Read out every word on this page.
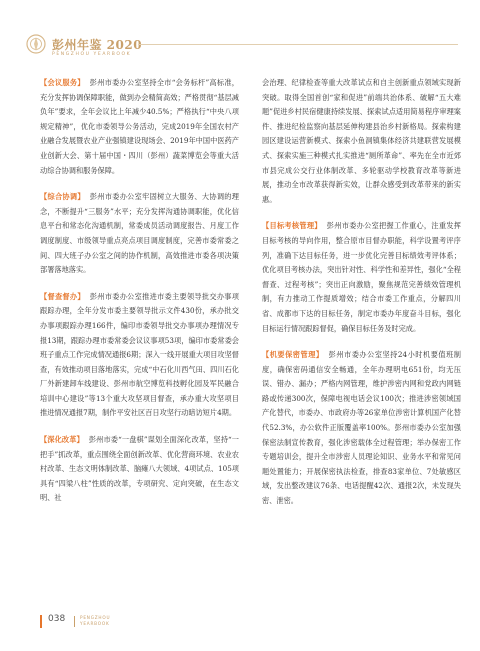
彭州年鉴 2020
PENGZHOU YEARBOOK

【会议服务】 彭州市委办公室坚持全市“会务标杆”高标准，充分发挥协调保障职能，做到办会精简高效；严格贯彻“基层减负年”要求，全年会议比上年减少40.5%；严格执行“中央八项规定精神”，优化市委领导公务活动，完成2019年全国农村产业融合发展暨农业产业强镇建设现场会、2019年中国中医药产业创新大会、第十届中国・四川（彭州）蔬菜博览会等重大活动综合协调和服务保障。

【综合协调】 彭州市委办公室牢固树立大服务、大协调的理念，不断提升“三服务”水平；充分发挥沟通协调职能，优化信息平台和常态化沟通机制，常委成员活动调度报告、月度工作调度制度、市级领导重点亮点项目调度制度，完善市委常委之间、四大班子办公室之间的协作机制，高效推进市委各项决策部署落地落实。

【督查督办】 彭州市委办公室推进市委主要领导批交办事项跟踪办理，全年分发市委主要领导批示文件430份，承办批交办事项跟踪办理166件，编印市委领导批交办事项办理情况专报13期，跟踪办理市委常委会议议事项53项，编印市委常委会班子重点工作完成情况通报6期；深入一线开展重大项目攻坚督查，有效推动项目落地落实，完成“中石化川西气田、四川石化厂外新建卸车线建设、彭州市航空博览科技孵化园及军民融合培训中心建设”等13个重大攻坚项目督查，承办重大攻坚项目推进情况通报7期，制作平安社区百日攻坚行动暗访短片4期。

【深化改革】 彭州市委“一盘棋”谋划全面深化改革，坚持“一把手”抓改革，重点围绕全面创新改革、优化营商环境、农业农村改革、生态文明体制改革、脑瘫八大领域、4项试点、105项具有“四梁八柱”性质的改革，专项研究、定向突破，在生态文明、社

会治理、纪律检查等重大改革试点和自主创新重点领域实现新突破。取得全国首创“家和促进”前端共治体系、破解“五大难题”促进乡村民宿健康持续发展、探索试点适用简易程序审理案件、推进纪检监察向基层延伸构建县治乡村新格局。探索构建园区建设运营新模式、探索小鱼洞镇集体经济共建联营发展模式、探索实施三种模式扎实推进“厕所革命”、率先在全市近郊市县完成公交行业体制改革、多轮驱动学校教育改革等新进展，推动全市改革获得新实效，让群众感受到改革带来的新实惠。

【目标考核管理】 彭州市委办公室把握工作重心，注重发挥目标考核的导向作用，整合原市目督办职能，科学设置考评序列，准确下达目标任务，进一步优化完善目标绩效考评体系；优化项目考核办法，突出针对性、科学性和差异性，强化“全程督查、过程考核”；突出正向激励，聚焦规范完善绩效管理机制，有力推动工作提质增效；结合市委工作重点，分解四川省、成都市下达的目标任务，制定市委办年度奋斗目标，强化目标运行情况跟踪督促，确保目标任务及时完成。

【机要保密管理】 彭州市委办公室坚持24小时机要值班制度，确保密码通信安全畅通，全年办理明电651份，均无压误、错办、漏办；严格内网管理，维护涉密内网和党政内网链路或传递300次，保障电视电话会议100次；推进涉密领域国产化替代，市委办、市政府办等26家单位涉密计算机国产化替代52.3%，办公软件正版覆盖率100%。彭州市委办公室加强保密法制宣传教育，强化涉密载体全过程管理；举办保密工作专题培训会，提升全市涉密人员理论知识、业务水平和常见问题处置能力；开展保密执法检查，排查83家单位、7处敏感区域，发出整改建议76条、电话提醒42次、通报2次，未发现失密、泄密。

038	PENGZHOU
YEARBOOK
